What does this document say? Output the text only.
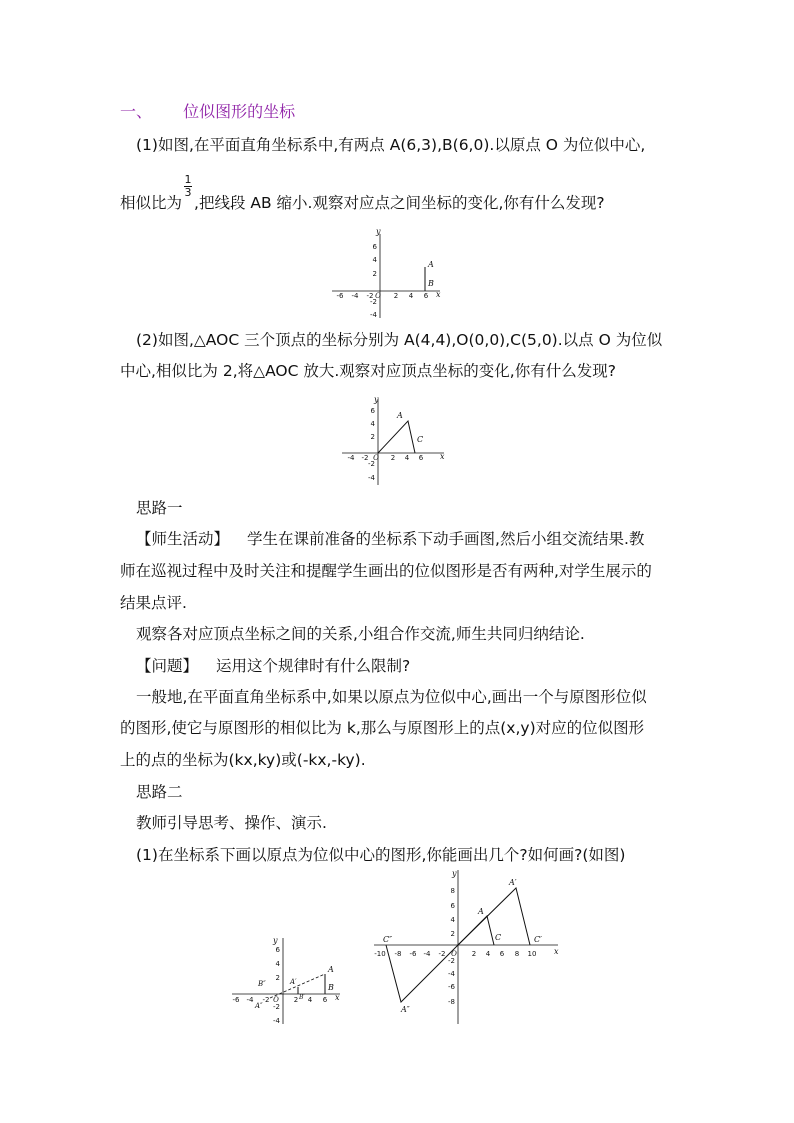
一、 位似图形的坐标
(1)如图,在平面直角坐标系中,有两点 A(6,3),B(6,0).以原点 O 为位似中心,
相似比为 ,把线段 AB 缩小.观察对应点之间坐标的变化,你有什么发现?
1
3
y
x
6
4
2
-2
-4
-6 -4 -2 O 2 4 6
A
B
(2)如图,△AOC 三个顶点的坐标分别为 A(4,4),O(0,0),C(5,0).以点 O 为位似
中心,相似比为 2,将△AOC 放大.观察对应顶点坐标的变化,你有什么发现?
y
x
6
4
2
-2
-4
-4 -2 O 2 4 6
A
C
思路一
【师生活动】 学生在课前准备的坐标系下动手画图,然后小组交流结果.教
师在巡视过程中及时关注和提醒学生画出的位似图形是否有两种,对学生展示的
结果点评.
观察各对应顶点坐标之间的关系,小组合作交流,师生共同归纳结论.
【问题】 运用这个规律时有什么限制?
一般地,在平面直角坐标系中,如果以原点为位似中心,画出一个与原图形位似
的图形,使它与原图形的相似比为 k,那么与原图形上的点(x,y)对应的位似图形
上的点的坐标为(kx,ky)或(-kx,-ky).
思路二
教师引导思考、操作、演示.
(1)在坐标系下画以原点为位似中心的图形,你能画出几个?如何画?(如图)
y
x
6
4
2
-2
-4
-6 -4 -2 O 2 4 6
A
B
A′
B′
A″
B″
y
x
8
6
4
2
-2
-4
-6
-8
-10 -8 -6 -4 -2 O 2 4 6 8 10
A′
A
C	C′
C″
A″
